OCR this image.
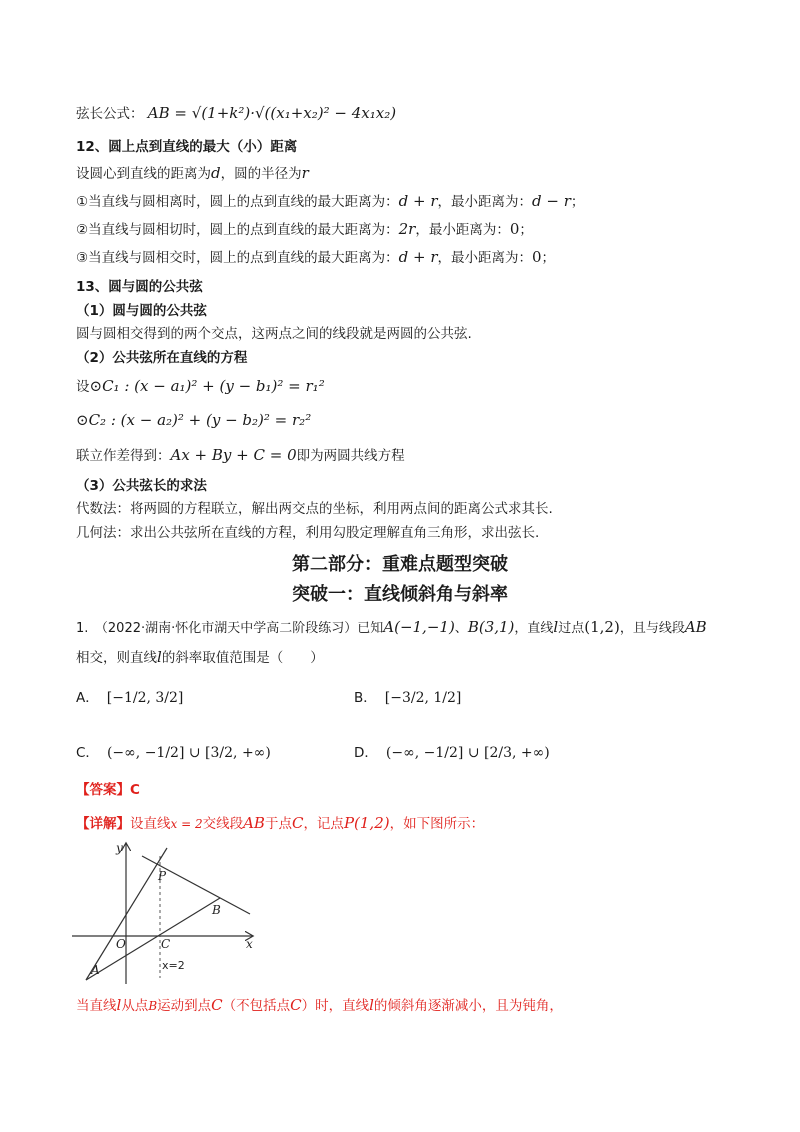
弦长公式： AB = √(1+k²)·√((x₁+x₂)² − 4x₁x₂)
12、圆上点到直线的最大（小）距离
设圆心到直线的距离为d，圆的半径为r
①当直线与圆相离时，圆上的点到直线的最大距离为：d + r，最小距离为：d − r；
②当直线与圆相切时，圆上的点到直线的最大距离为：2r，最小距离为：0；
③当直线与圆相交时，圆上的点到直线的最大距离为：d + r，最小距离为：0；
13、圆与圆的公共弦
（1）圆与圆的公共弦
圆与圆相交得到的两个交点，这两点之间的线段就是两圆的公共弦.
（2）公共弦所在直线的方程
设⊙C₁ : (x − a₁)² + (y − b₁)² = r₁²
⊙C₂ : (x − a₂)² + (y − b₂)² = r₂²
联立作差得到：Ax + By + C = 0即为两圆共线方程
（3）公共弦长的求法
代数法：将两圆的方程联立，解出两交点的坐标，利用两点间的距离公式求其长.
几何法：求出公共弦所在直线的方程，利用勾股定理解直角三角形，求出弦长.
第二部分：重难点题型突破
突破一：直线倾斜角与斜率
1.　（2022·湖南·怀化市湖天中学高二阶段练习）已知A(−1,−1)、B(3,1)，直线l过点(1,2)，且与线段AB
相交，则直线l的斜率取值范围是（　　）
A． [−1/2, 3/2]	B． [−3/2, 1/2]
C． (−∞, −1/2] ∪ [3/2, +∞)	D． (−∞, −1/2] ∪ [2/3, +∞)
【答案】C
【详解】设直线x = 2交线段AB于点C，记点P(1,2)，如下图所示：
y
x
O	C
P
B
A	x=2
当直线l从点B运动到点C（不包括点C）时，直线l的倾斜角逐渐减小，且为钝角，
